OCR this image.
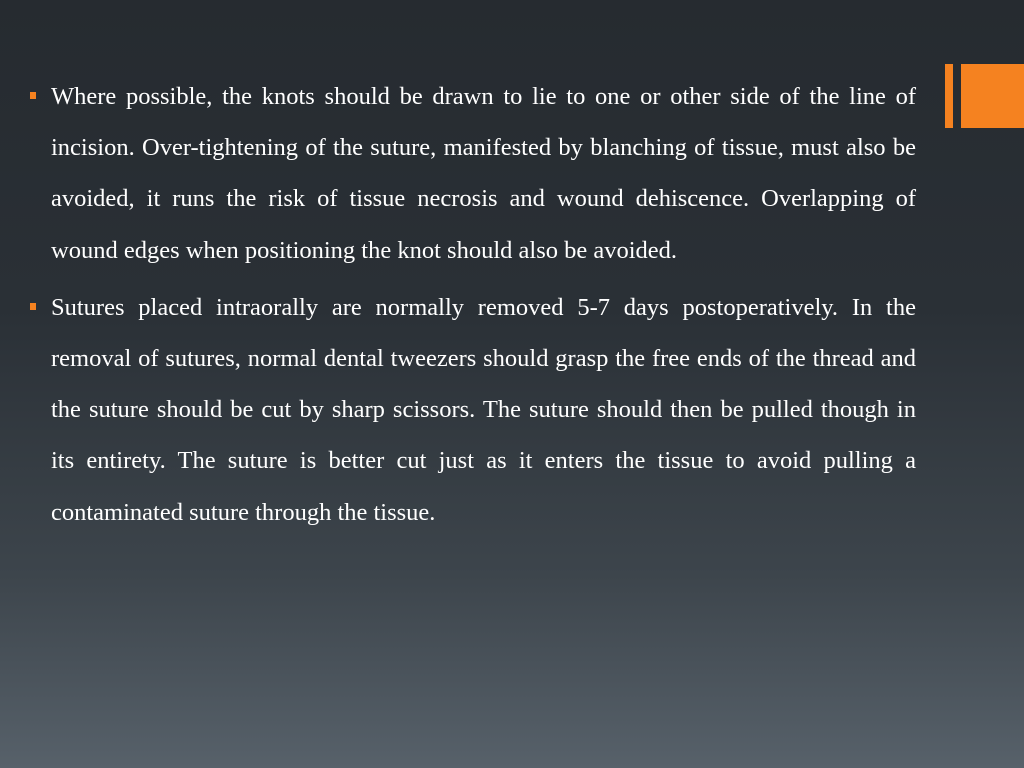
Where possible, the knots should be drawn to lie to one or other side of the line of incision. Over-tightening of the suture, manifested by blanching of tissue, must also be avoided, it runs the risk of tissue necrosis and wound dehiscence. Overlapping of wound edges when positioning the knot should also be avoided.
Sutures placed intraorally are normally removed 5-7 days postoperatively. In the removal of sutures, normal dental tweezers should grasp the free ends of the thread and the suture should be cut by sharp scissors. The suture should then be pulled though in its entirety. The suture is better cut just as it enters the tissue to avoid pulling a contaminated suture through the tissue.
